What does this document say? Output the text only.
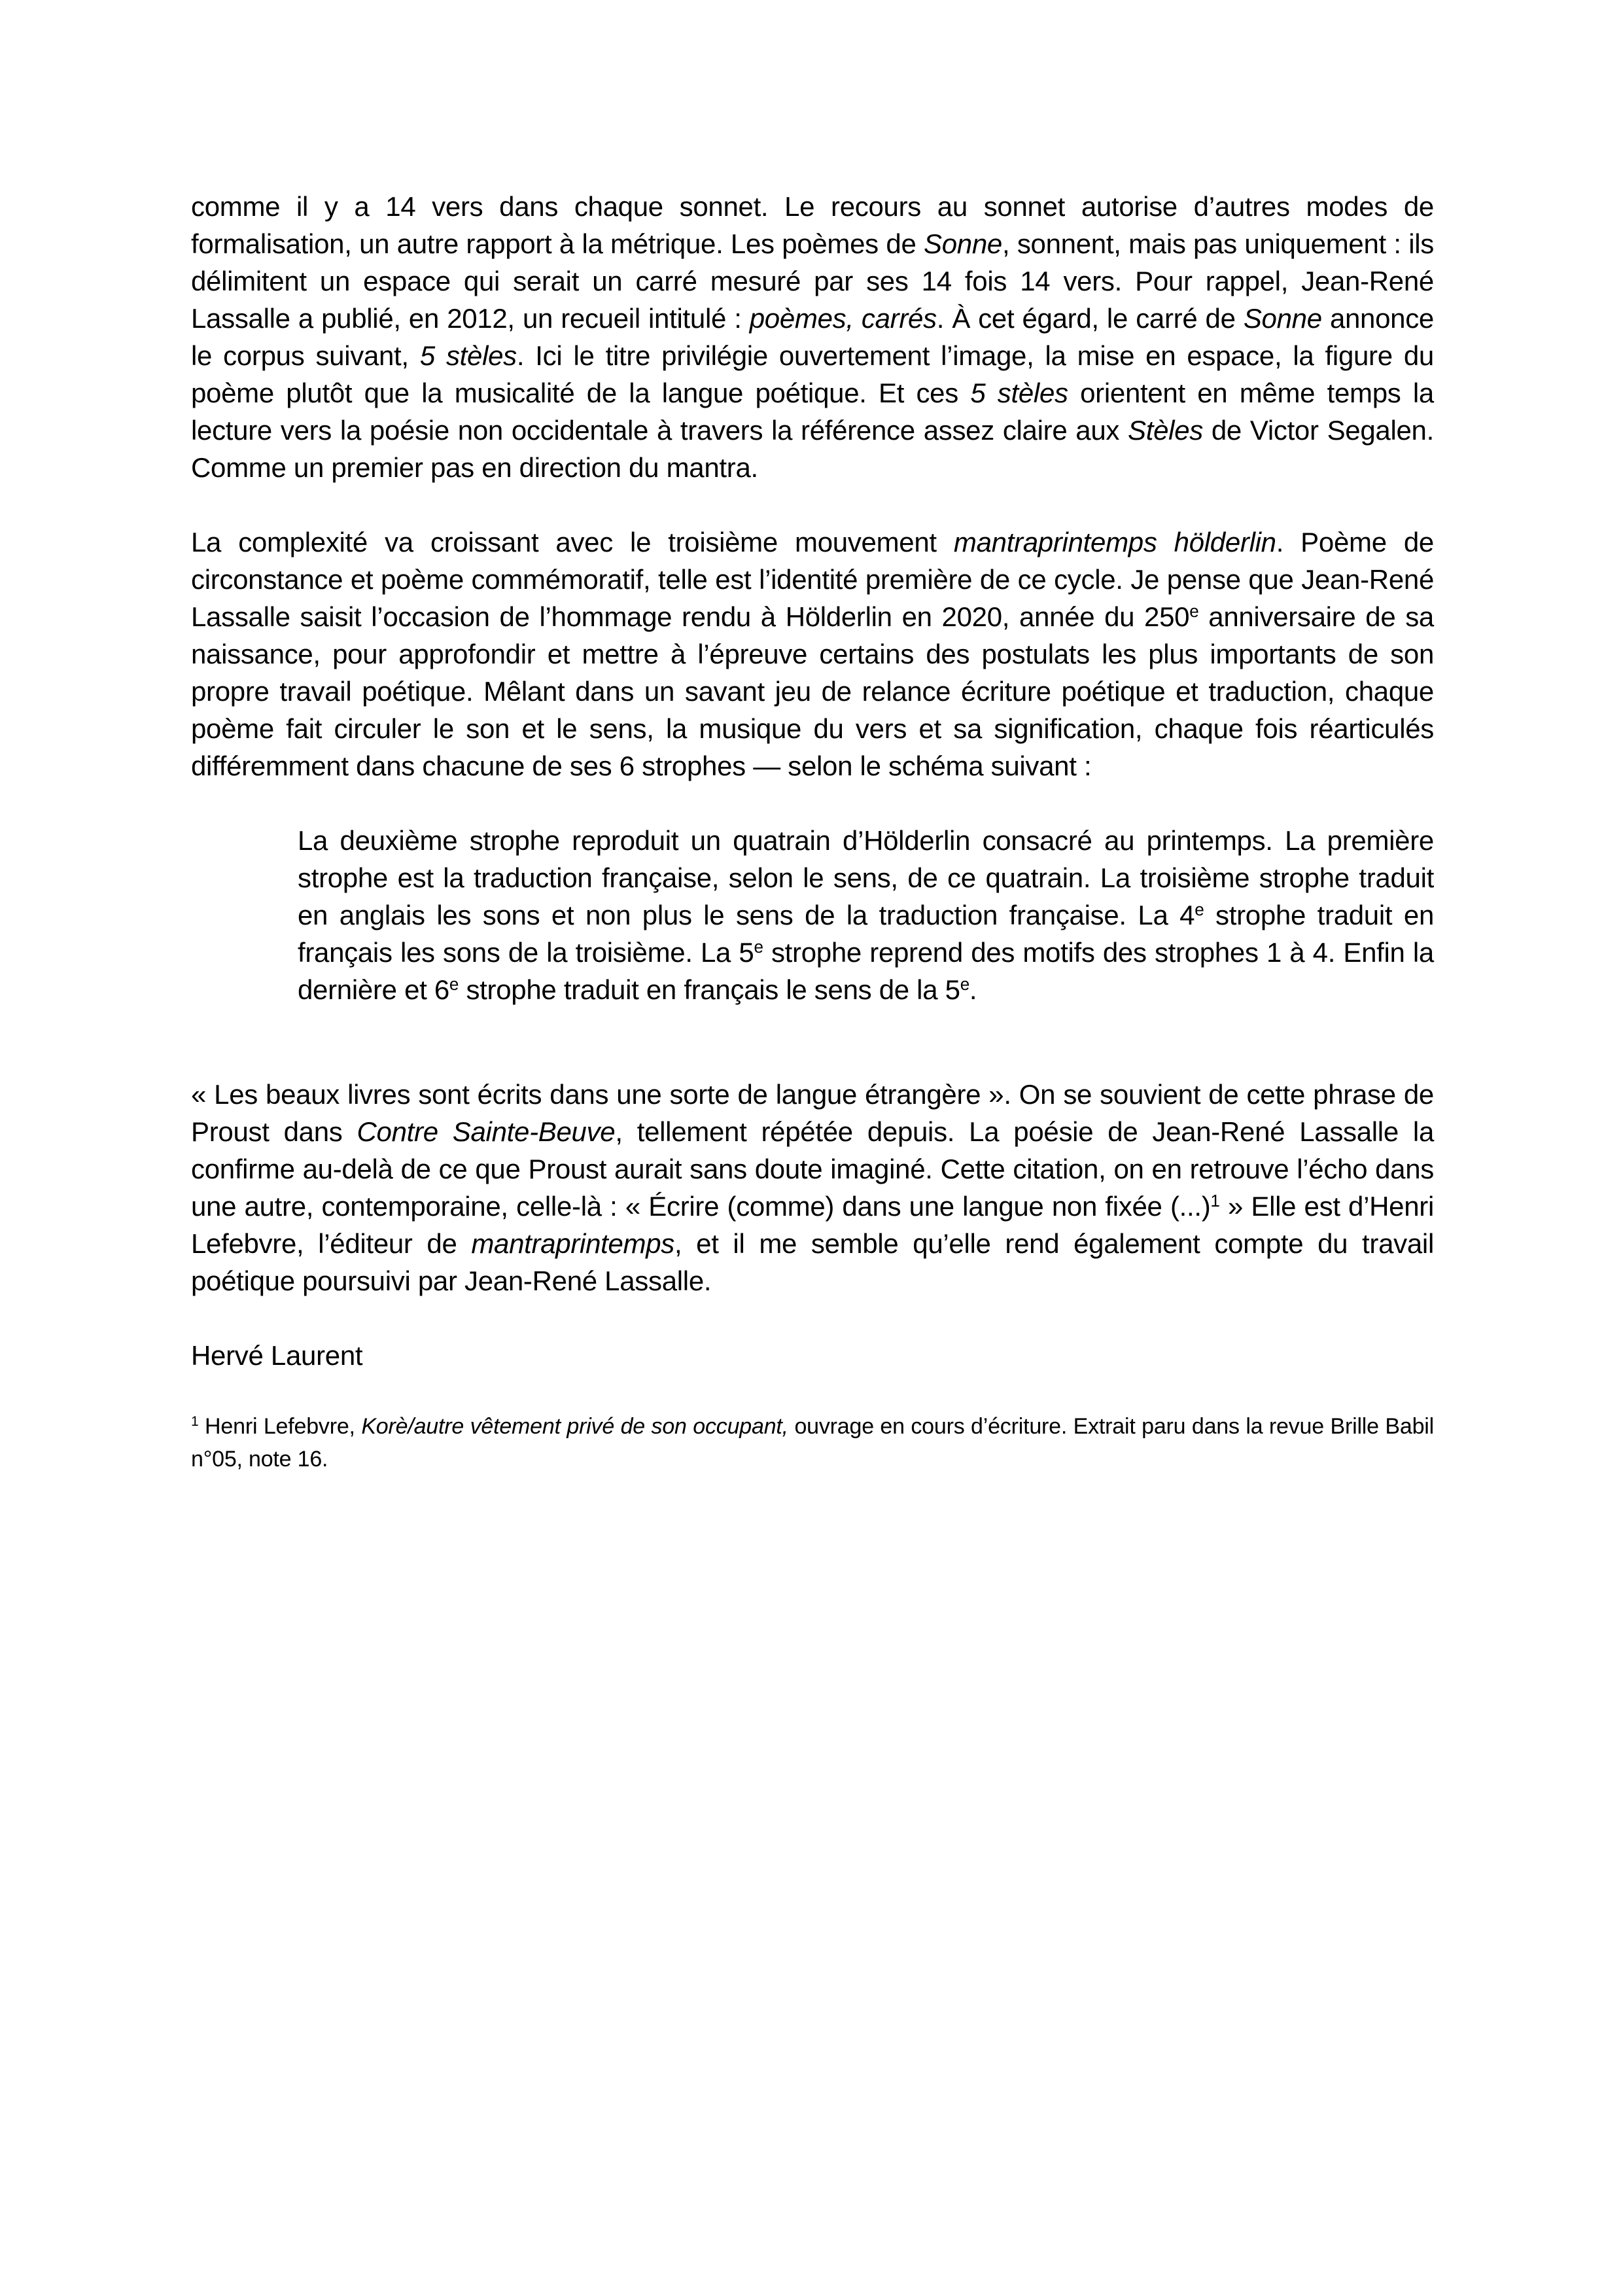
comme il y a 14 vers dans chaque sonnet. Le recours au sonnet autorise d’autres modes de formalisation, un autre rapport à la métrique. Les poèmes de Sonne, sonnent, mais pas uniquement : ils délimitent un espace qui serait un carré mesuré par ses 14 fois 14 vers. Pour rappel, Jean-René Lassalle a publié, en 2012, un recueil intitulé : poèmes, carrés. À cet égard, le carré de Sonne annonce le corpus suivant, 5 stèles. Ici le titre privilégie ouvertement l’image, la mise en espace, la figure du poème plutôt que la musicalité de la langue poétique. Et ces 5 stèles orientent en même temps la lecture vers la poésie non occidentale à travers la référence assez claire aux Stèles de Victor Segalen. Comme un premier pas en direction du mantra.

La complexité va croissant avec le troisième mouvement mantraprintemps hölderlin. Poème de circonstance et poème commémoratif, telle est l’identité première de ce cycle. Je pense que Jean-René Lassalle saisit l’occasion de l’hommage rendu à Hölderlin en 2020, année du 250e anniversaire de sa naissance, pour approfondir et mettre à l’épreuve certains des postulats les plus importants de son propre travail poétique. Mêlant dans un savant jeu de relance écriture poétique et traduction, chaque poème fait circuler le son et le sens, la musique du vers et sa signification, chaque fois réarticulés différemment dans chacune de ses 6 strophes — selon le schéma suivant :

La deuxième strophe reproduit un quatrain d’Hölderlin consacré au printemps. La première strophe est la traduction française, selon le sens, de ce quatrain. La troisième strophe traduit en anglais les sons et non plus le sens de la traduction française. La 4e strophe traduit en français les sons de la troisième. La 5e strophe reprend des motifs des strophes 1 à 4. Enfin la dernière et 6e strophe traduit en français le sens de la 5e.

« Les beaux livres sont écrits dans une sorte de langue étrangère ». On se souvient de cette phrase de Proust dans Contre Sainte-Beuve, tellement répétée depuis. La poésie de Jean-René Lassalle la confirme au-delà de ce que Proust aurait sans doute imaginé. Cette citation, on en retrouve l’écho dans une autre, contemporaine, celle-là : « Écrire (comme) dans une langue non fixée (...)$^1$ » Elle est d’Henri Lefebvre, l’éditeur de mantraprintemps, et il me semble qu’elle rend également compte du travail poétique poursuivi par Jean-René Lassalle.

Hervé Laurent

$^1$ Henri Lefebvre, Korè/autre vêtement privé de son occupant, ouvrage en cours d’écriture. Extrait paru dans la revue Brille Babil n°05, note 16.
